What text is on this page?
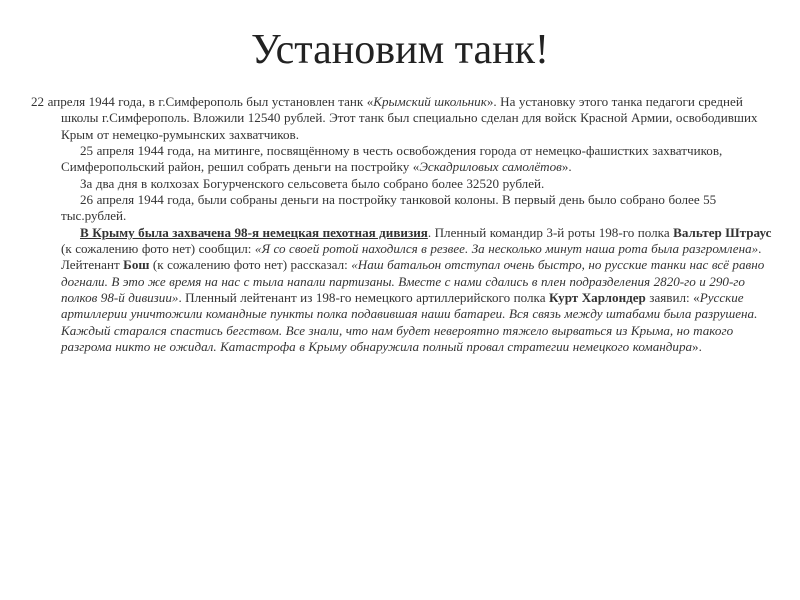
Установим танк!

22 апреля 1944 года, в г.Симферополь был установлен танк «Крымский школьник». На установку этого танка педагоги средней школы г.Симферополь. Вложили 12540 рублей. Этот танк был специально сделан для войск Красной Армии, освободивших Крым от немецко-румынских захватчиков.

25 апреля 1944 года, на митинге, посвящённому в честь освобождения города от немецко-фашистких захватчиков, Симферопольский район, решил собрать деньги на постройку «Эскадриловых самолётов».

За два дня в колхозах Богурченского сельсовета было собрано более 32520 рублей.

26 апреля 1944 года, были собраны деньги на постройку танковой колоны. В первый день было собрано более 55 тыс.рублей.

В Крыму была захвачена 98-я немецкая пехотная дивизия. Пленный командир 3-й роты 198-го полка Вальтер Штраус (к сожалению фото нет) сообщил: «Я со своей ротой находился в резвее. За несколько минут наша рота была разгромлена». Лейтенант Бош (к сожалению фото нет) рассказал: «Наш батальон отступал очень быстро, но русские танки нас всё равно догнали. В это же время на нас с тыла напали партизаны. Вместе с нами сдались в плен подразделения 2820-го и 290-го полков 98-й дивизии». Пленный лейтенант из 198-го немецкого артиллерийского полка Курт Харлондер заявил: «Русские артиллерии уничтожили командные пункты полка подавившая наши батареи. Вся связь между штабами была разрушена. Каждый старался спастись бегством. Все знали, что нам будет невероятно тяжело вырваться из Крыма, но такого разгрома никто не ожидал. Катастрофа в Крыму обнаружила полный провал стратегии немецкого командира».
